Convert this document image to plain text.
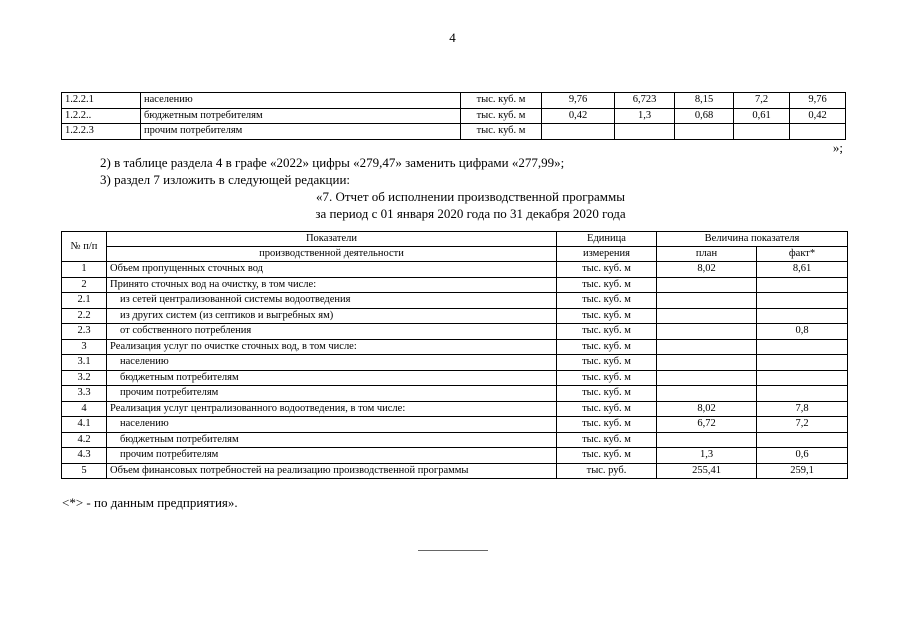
4
1.2.2.1	населению	тыс. куб. м	9,76	6,723	8,15	7,2	9,76
1.2.2..	бюджетным потребителям	тыс. куб. м	0,42	1,3	0,68	0,61	0,42
1.2.2.3	прочим потребителям	тыс. куб. м					
»;
2) в таблице раздела 4 в графе «2022» цифры «279,47» заменить цифрами «277,99»;
3) раздел 7 изложить в следующей редакции:
«7. Отчет об исполнении производственной программы
за период с 01 января 2020 года по 31 декабря 2020 года
№ п/п	Показатели	Единица	Величина показателя	
	производственной деятельности	измерения	план	факт*
1	Объем пропущенных сточных вод	тыс. куб. м	8,02	8,61
2	Принято сточных вод на очистку, в том числе:	тыс. куб. м		
2.1	из сетей централизованной системы водоотведения	тыс. куб. м		
2.2	из других систем (из септиков и выгребных ям)	тыс. куб. м		
2.3	от собственного потребления	тыс. куб. м		0,8
3	Реализация услуг по очистке сточных вод, в том числе:	тыс. куб. м		
3.1	населению	тыс. куб. м		
3.2	бюджетным потребителям	тыс. куб. м		
3.3	прочим потребителям	тыс. куб. м		
4	Реализация услуг централизованного водоотведения, в том числе:	тыс. куб. м	8,02	7,8
4.1	населению	тыс. куб. м	6,72	7,2
4.2	бюджетным потребителям	тыс. куб. м		
4.3	прочим потребителям	тыс. куб. м	1,3	0,6
5	Объем финансовых потребностей на реализацию производственной программы	тыс. руб.	255,41	259,1
<*> - по данным предприятия».
